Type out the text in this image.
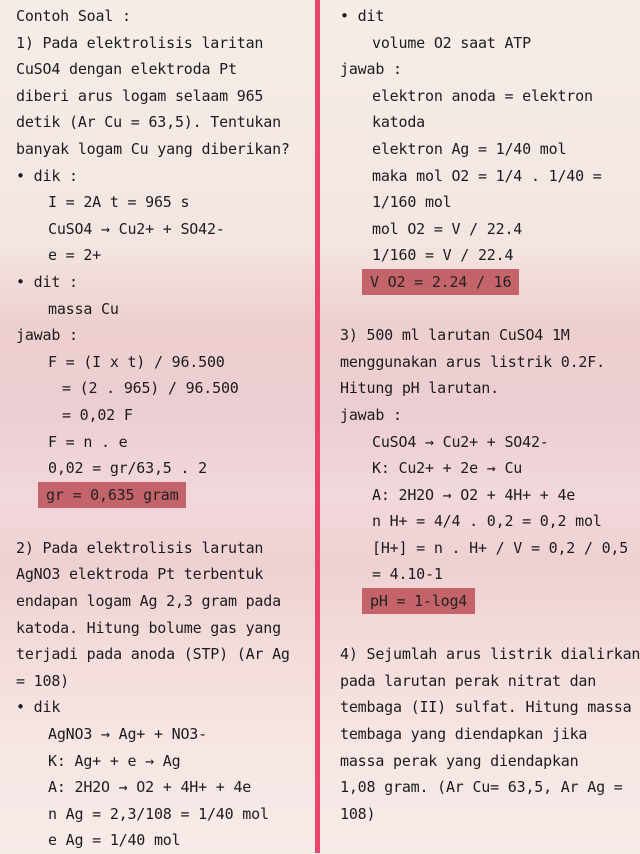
Contoh Soal :
1) Pada elektrolisis laritan
CuSO4 dengan elektroda Pt
diberi arus logam selaam 965
detik (Ar Cu = 63,5). Tentukan
banyak logam Cu yang diberikan?
• dik :
I = 2A t = 965 s
CuSO4 → Cu2+ + SO42-
e = 2+
• dit :
massa Cu
jawab :
F = (I x t) / 96.500
= (2 . 965) / 96.500
= 0,02 F
F = n . e
0,02 = gr/63,5 . 2
gr = 0,635 gram
2) Pada elektrolisis larutan
AgNO3 elektroda Pt terbentuk
endapan logam Ag 2,3 gram pada
katoda. Hitung bolume gas yang
terjadi pada anoda (STP) (Ar Ag
= 108)
• dik
AgNO3 → Ag+ + NO3-
K: Ag+ + e → Ag
A: 2H2O → O2 + 4H+ + 4e
n Ag = 2,3/108 = 1/40 mol
e Ag = 1/40 mol
• dit
volume O2 saat ATP
jawab :
elektron anoda = elektron
katoda
elektron Ag = 1/40 mol
maka mol O2 = 1/4 . 1/40 =
1/160 mol
mol O2 = V / 22.4
1/160 = V / 22.4
V O2 = 2.24 / 16
3) 500 ml larutan CuSO4 1M
menggunakan arus listrik 0.2F.
Hitung pH larutan.
jawab :
CuSO4 → Cu2+ + SO42-
K: Cu2+ + 2e → Cu
A: 2H2O → O2 + 4H+ + 4e
n H+ = 4/4 . 0,2 = 0,2 mol
[H+] = n . H+ / V = 0,2 / 0,5
= 4.10-1
pH = 1-log4
4) Sejumlah arus listrik dialirkan
pada larutan perak nitrat dan
tembaga (II) sulfat. Hitung massa
tembaga yang diendapkan jika
massa perak yang diendapkan
1,08 gram. (Ar Cu= 63,5, Ar Ag =
108)
